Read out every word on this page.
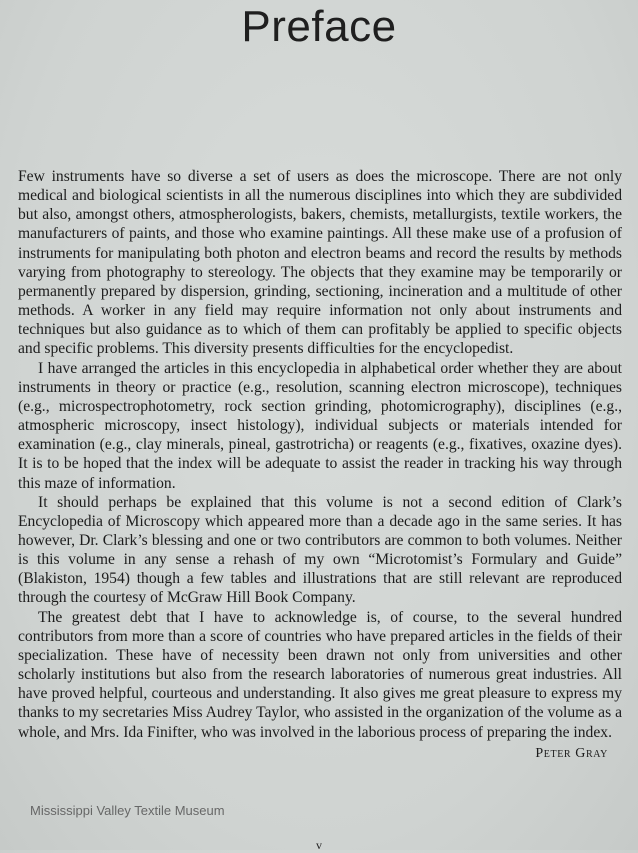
Preface

Few instruments have so diverse a set of users as does the microscope. There are not only medical and biological scientists in all the numerous disciplines into which they are subdivided but also, amongst others, atmospherologists, bakers, chemists, metallurgists, textile workers, the manufacturers of paints, and those who examine paintings. All these make use of a profusion of instruments for manipulating both photon and electron beams and record the results by methods varying from photography to stereology. The objects that they examine may be temporarily or permanently prepared by dispersion, grinding, sectioning, incineration and a multitude of other methods. A worker in any field may require information not only about instruments and techniques but also guidance as to which of them can profitably be applied to specific objects and specific problems. This diversity presents difficulties for the encyclopedist.

I have arranged the articles in this encyclopedia in alphabetical order whether they are about instruments in theory or practice (e.g., resolution, scanning electron microscope), techniques (e.g., microspectrophotometry, rock section grinding, photomicrography), disciplines (e.g., atmospheric microscopy, insect histology), individual subjects or materials intended for examination (e.g., clay minerals, pineal, gastrotricha) or reagents (e.g., fixatives, oxazine dyes). It is to be hoped that the index will be adequate to assist the reader in tracking his way through this maze of information.

It should perhaps be explained that this volume is not a second edition of Clark’s Encyclopedia of Microscopy which appeared more than a decade ago in the same series. It has however, Dr. Clark’s blessing and one or two contributors are common to both volumes. Neither is this volume in any sense a rehash of my own “Microtomist’s Formulary and Guide” (Blakiston, 1954) though a few tables and illustrations that are still relevant are reproduced through the courtesy of McGraw Hill Book Company.

The greatest debt that I have to acknowledge is, of course, to the several hundred contributors from more than a score of countries who have prepared articles in the fields of their specialization. These have of necessity been drawn not only from universities and other scholarly institutions but also from the research laboratories of numerous great industries. All have proved helpful, courteous and understanding. It also gives me great pleasure to express my thanks to my secretaries Miss Audrey Taylor, who assisted in the organization of the volume as a whole, and Mrs. Ida Finifter, who was involved in the laborious process of preparing the index.

Peter Gray
Mississippi Valley Textile Museum
v
